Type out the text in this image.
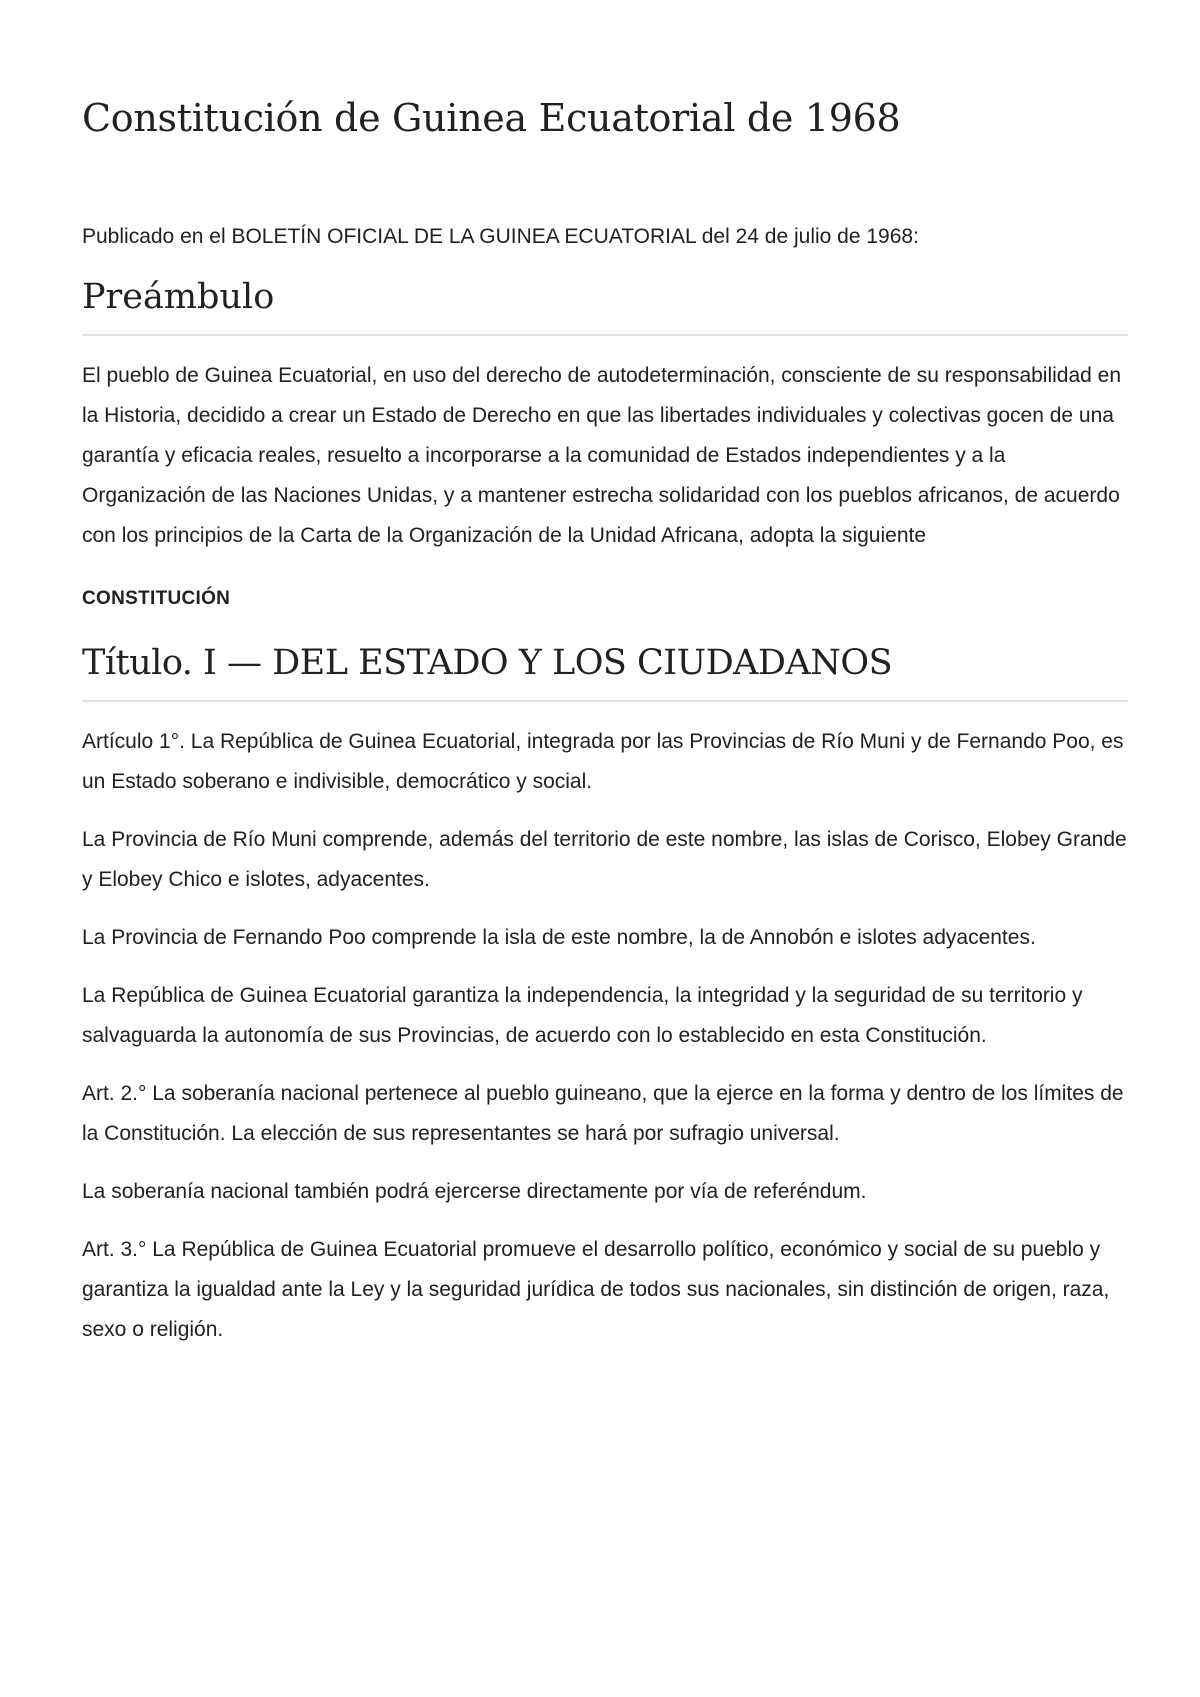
Constitución de Guinea Ecuatorial de 1968

Publicado en el BOLETÍN OFICIAL DE LA GUINEA ECUATORIAL del 24 de julio de 1968:

Preámbulo

El pueblo de Guinea Ecuatorial, en uso del derecho de autodeterminación, consciente de su responsabilidad en la Historia, decidido a crear un Estado de Derecho en que las libertades individuales y colectivas gocen de una garantía y eficacia reales, resuelto a incorporarse a la comunidad de Estados independientes y a la Organización de las Naciones Unidas, y a mantener estrecha solidaridad con los pueblos africanos, de acuerdo con los principios de la Carta de la Organización de la Unidad Africana, adopta la siguiente

CONSTITUCIÓN

Título. I — DEL ESTADO Y LOS CIUDADANOS

Artículo 1°. La República de Guinea Ecuatorial, integrada por las Provincias de Río Muni y de Fernando Poo, es un Estado soberano e indivisible, democrático y social.

La Provincia de Río Muni comprende, además del territorio de este nombre, las islas de Corisco, Elobey Grande y Elobey Chico e islotes, adyacentes.

La Provincia de Fernando Poo comprende la isla de este nombre, la de Annobón e islotes adyacentes.

La República de Guinea Ecuatorial garantiza la independencia, la integridad y la seguridad de su territorio y salvaguarda la autonomía de sus Provincias, de acuerdo con lo establecido en esta Constitución.

Art. 2.° La soberanía nacional pertenece al pueblo guineano, que la ejerce en la forma y dentro de los límites de la Constitución. La elección de sus representantes se hará por sufragio universal.

La soberanía nacional también podrá ejercerse directamente por vía de referéndum.

Art. 3.° La República de Guinea Ecuatorial promueve el desarrollo político, económico y social de su pueblo y garantiza la igualdad ante la Ley y la seguridad jurídica de todos sus nacionales, sin distinción de origen, raza, sexo o religión.
